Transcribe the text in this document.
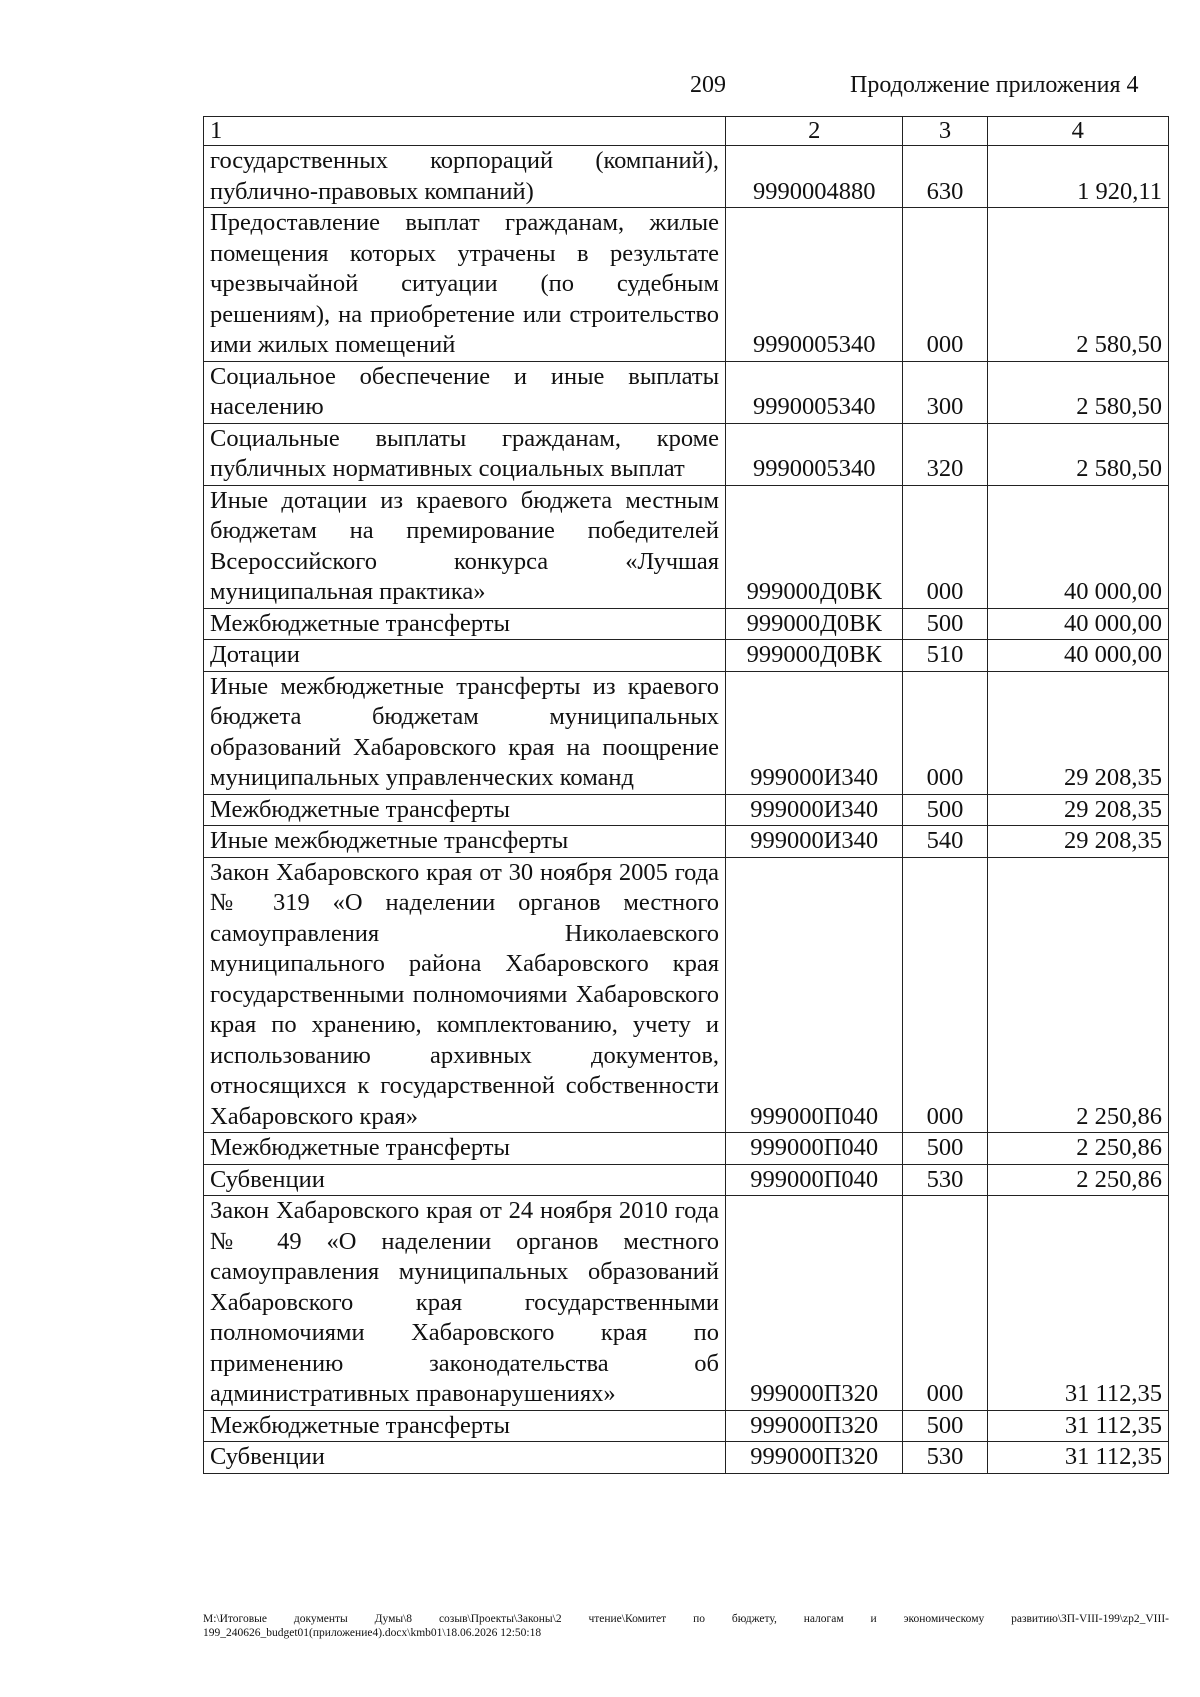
209	Продолжение приложения 4
1	2	3	4
государственных корпораций (компаний), публично-правовых компаний)	9990004880	630	1 920,11
Предоставление выплат гражданам, жилые помещения которых утрачены в результате чрезвычайной ситуации (по судебным решениям), на приобретение или строительство ими жилых помещений	9990005340	000	2 580,50
Социальное обеспечение и иные выплаты населению	9990005340	300	2 580,50
Социальные выплаты гражданам, кроме публичных нормативных социальных выплат	9990005340	320	2 580,50
Иные дотации из краевого бюджета местным бюджетам на премирование победителей Всероссийского конкурса «Лучшая муниципальная практика»	999000Д0ВК	000	40 000,00
Межбюджетные трансферты	999000Д0ВК	500	40 000,00
Дотации	999000Д0ВК	510	40 000,00
Иные межбюджетные трансферты из краевого бюджета бюджетам муниципальных образований Хабаровского края на поощрение муниципальных управленческих команд	999000И340	000	29 208,35
Межбюджетные трансферты	999000И340	500	29 208,35
Иные межбюджетные трансферты	999000И340	540	29 208,35
Закон Хабаровского края от 30 ноября 2005 года № 319 «О наделении органов местного самоуправления Николаевского муниципального района Хабаровского края государственными полномочиями Хабаровского края по хранению, комплектованию, учету и использованию архивных документов, относящихся к государственной собственности Хабаровского края»	999000П040	000	2 250,86
Межбюджетные трансферты	999000П040	500	2 250,86
Субвенции	999000П040	530	2 250,86
Закон Хабаровского края от 24 ноября 2010 года № 49 «О наделении органов местного самоуправления муниципальных образований Хабаровского края государственными полномочиями Хабаровского края по применению законодательства об административных правонарушениях»	999000П320	000	31 112,35
Межбюджетные трансферты	999000П320	500	31 112,35
Субвенции	999000П320	530	31 112,35
M:\Итоговые документы Думы\8 созыв\Проекты\Законы\2 чтение\Комитет по бюджету, налогам и экономическому развитию\ЗП-VIII-199\zp2_VIII-199_240626_budget01(приложение4).docx\kmb01\18.06.2026 12:50:18
